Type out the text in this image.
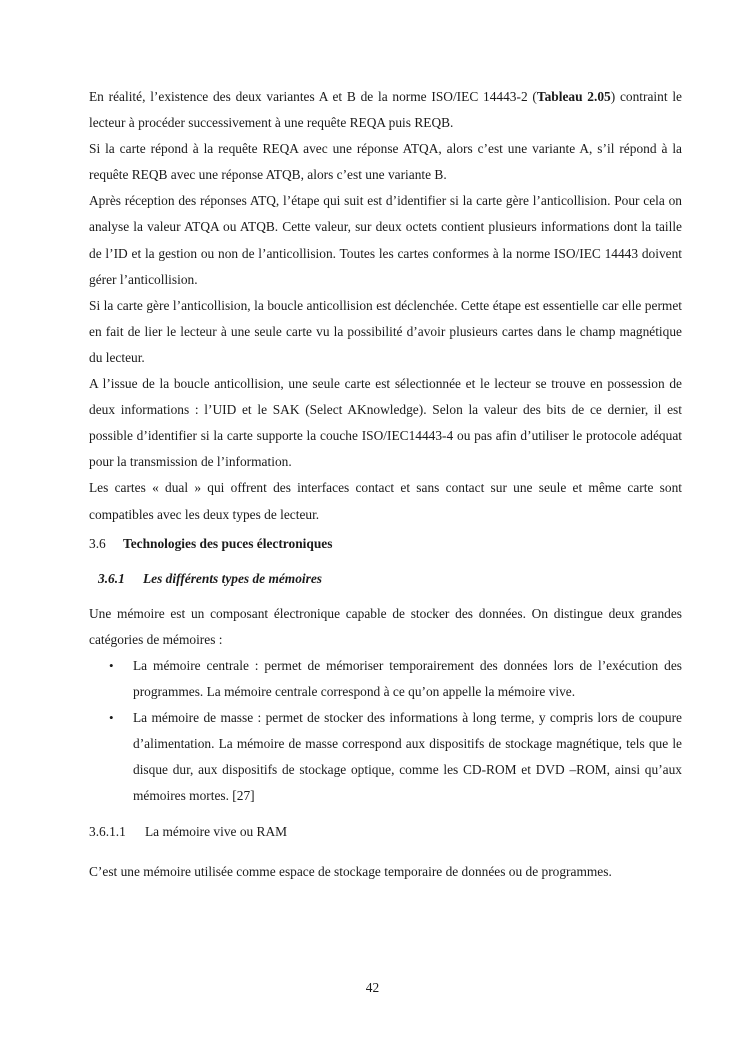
En réalité, l’existence des deux variantes A et B de la norme ISO/IEC 14443-2 (Tableau 2.05) contraint le lecteur à procéder successivement à une requête REQA puis REQB.

Si la carte répond à la requête REQA avec une réponse ATQA, alors c’est une variante A, s’il répond à la requête REQB avec une réponse ATQB, alors c’est une variante B.

Après réception des réponses ATQ, l’étape qui suit est d’identifier si la carte gère l’anticollision. Pour cela on analyse la valeur ATQA ou ATQB. Cette valeur, sur deux octets contient plusieurs informations dont la taille de l’ID et la gestion ou non de l’anticollision. Toutes les cartes conformes à la norme ISO/IEC 14443 doivent gérer l’anticollision.

Si la carte gère l’anticollision, la boucle anticollision est déclenchée. Cette étape est essentielle car elle permet en fait de lier le lecteur à une seule carte vu la possibilité d’avoir plusieurs cartes dans le champ magnétique du lecteur.

A l’issue de la boucle anticollision, une seule carte est sélectionnée et le lecteur se trouve en possession de deux informations : l’UID et le SAK (Select AKnowledge). Selon la valeur des bits de ce dernier, il est possible d’identifier si la carte supporte la couche ISO/IEC14443-4 ou pas afin d’utiliser le protocole adéquat pour la transmission de l’information.

Les cartes « dual » qui offrent des interfaces contact et sans contact sur une seule et même carte sont compatibles avec les deux types de lecteur.

3.6 Technologies des puces électroniques
3.6.1 Les différents types de mémoires

Une mémoire est un composant électronique capable de stocker des données. On distingue deux grandes catégories de mémoires :

• La mémoire centrale : permet de mémoriser temporairement des données lors de l’exécution des programmes. La mémoire centrale correspond à ce qu’on appelle la mémoire vive.
• La mémoire de masse : permet de stocker des informations à long terme, y compris lors de coupure d’alimentation. La mémoire de masse correspond aux dispositifs de stockage magnétique, tels que le disque dur, aux dispositifs de stockage optique, comme les CD-ROM et DVD –ROM, ainsi qu’aux mémoires mortes. [27]
3.6.1.1 La mémoire vive ou RAM

C’est une mémoire utilisée comme espace de stockage temporaire de données ou de programmes.

42
